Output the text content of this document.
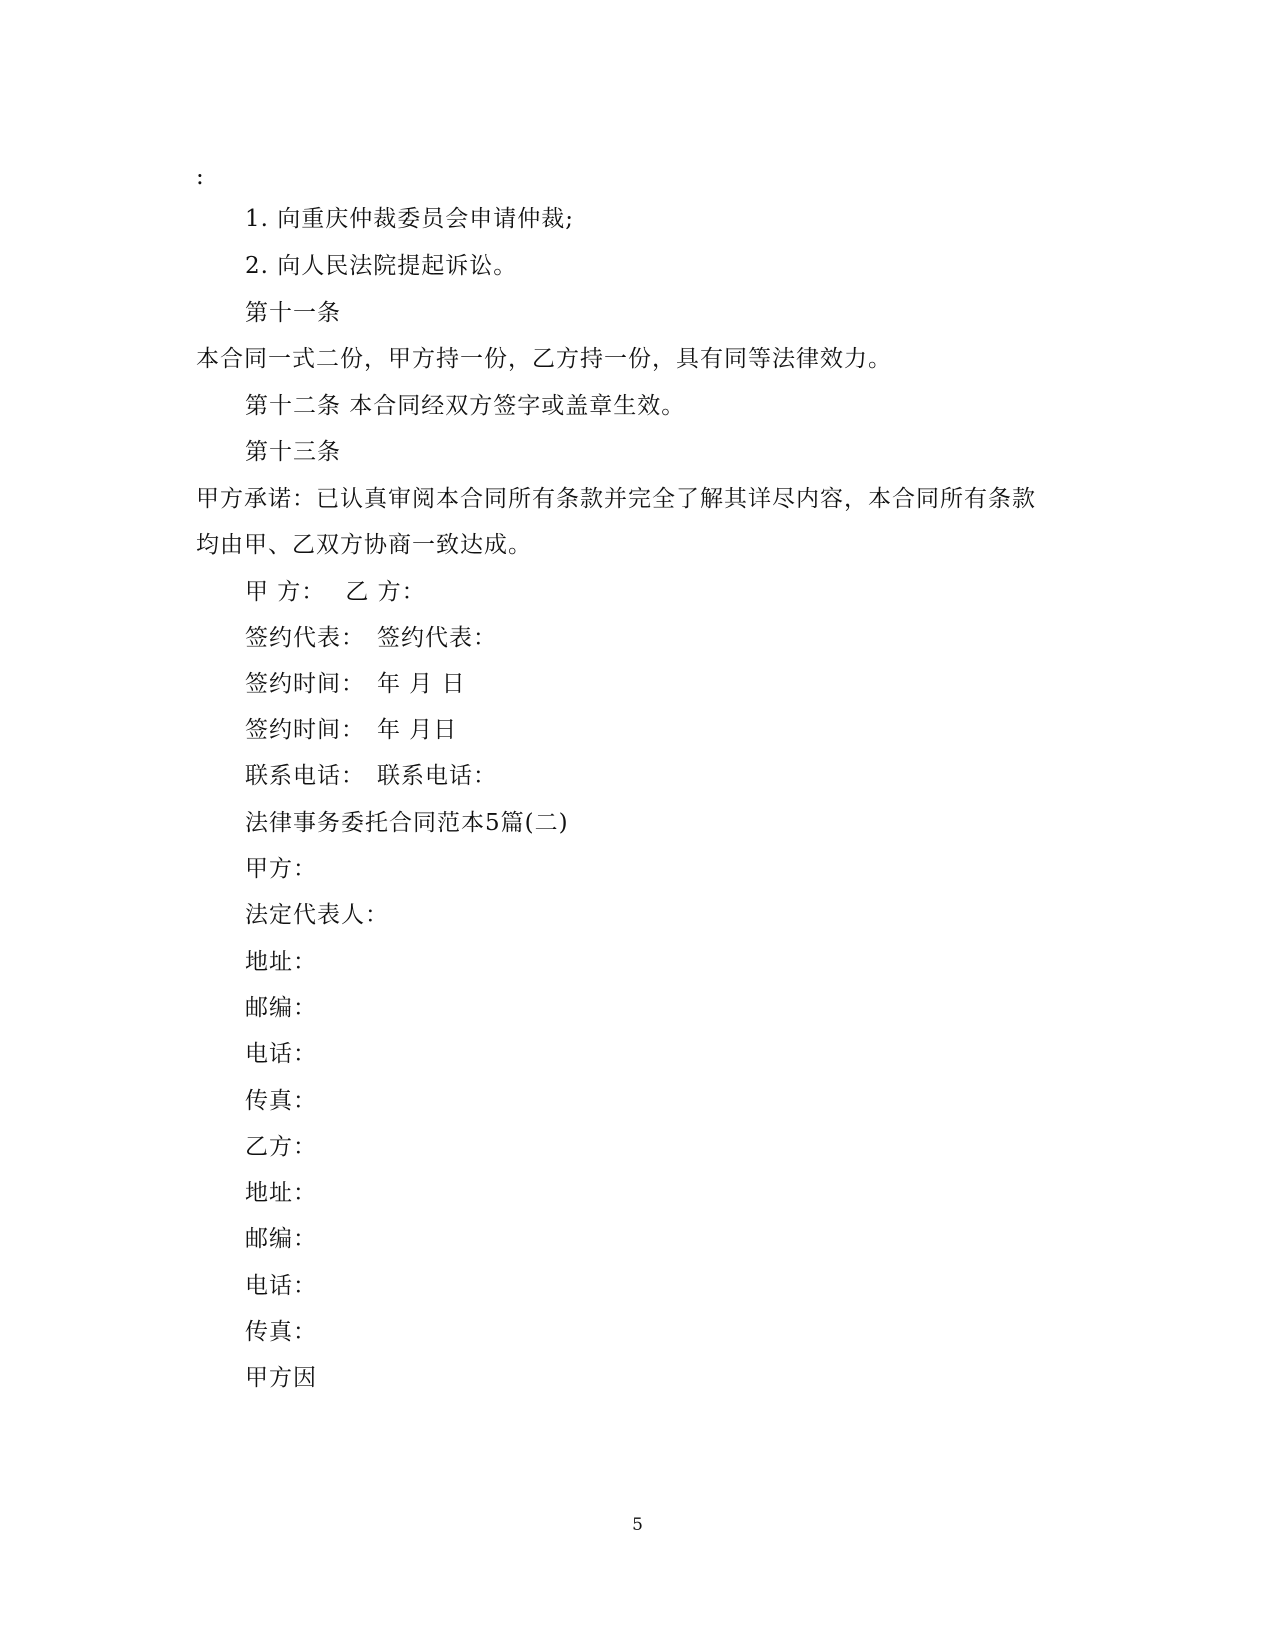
:
1. 向重庆仲裁委员会申请仲裁;
2. 向人民法院提起诉讼。
第十一条
本合同一式二份，甲方持一份，乙方持一份，具有同等法律效力。
第十二条 本合同经双方签字或盖章生效。
第十三条
甲方承诺：已认真审阅本合同所有条款并完全了解其详尽内容，本合同所有条款
均由甲、乙双方协商一致达成。
甲 方： 乙 方：
签约代表： 签约代表：
签约时间： 年 月 日
签约时间： 年 月日
联系电话： 联系电话：
法律事务委托合同范本5篇(二)
甲方：
法定代表人：
地址：
邮编：
电话：
传真：
乙方：
地址：
邮编：
电话：
传真：
甲方因
5
